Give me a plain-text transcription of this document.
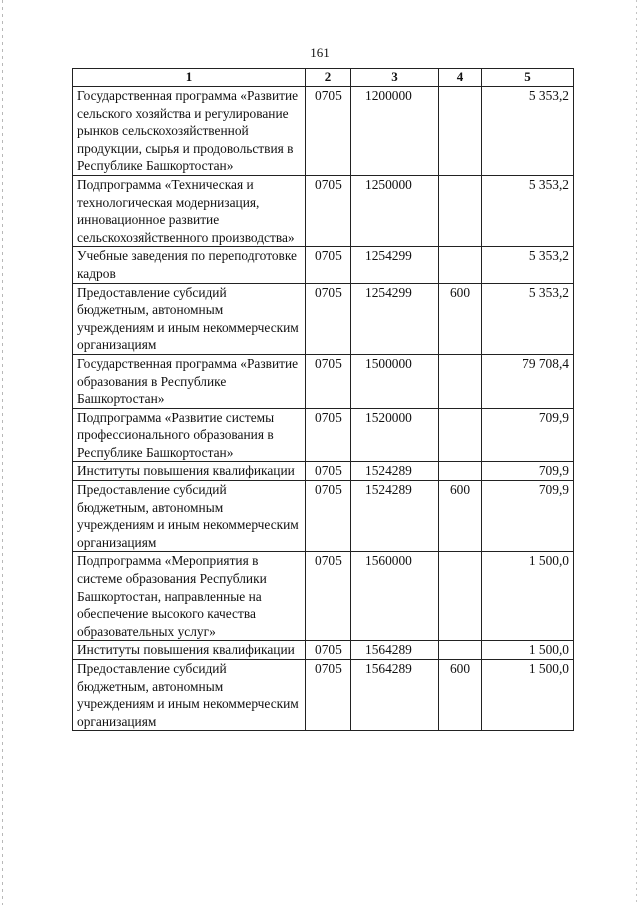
161
1	2	3	4	5
Государственная программа «Развитие сельского хозяйства и регулирование рынков сельскохозяйственной продукции, сырья и продовольствия в Республике Башкортостан»	0705	1200000		5 353,2
Подпрограмма «Техническая и технологическая модернизация, инновационное развитие сельскохозяйственного производства»	0705	1250000		5 353,2
Учебные заведения по переподготовке кадров	0705	1254299		5 353,2
Предоставление субсидий бюджетным, автономным учреждениям и иным некоммерческим организациям	0705	1254299	600	5 353,2
Государственная программа «Развитие образования в Республике Башкортостан»	0705	1500000		79 708,4
Подпрограмма «Развитие системы профессионального образования в Республике Башкортостан»	0705	1520000		709,9
Институты повышения квалификации	0705	1524289		709,9
Предоставление субсидий бюджетным, автономным учреждениям и иным некоммерческим организациям	0705	1524289	600	709,9
Подпрограмма «Мероприятия в системе образования Республики Башкортостан, направленные на обеспечение высокого качества образовательных услуг»	0705	1560000		1 500,0
Институты повышения квалификации	0705	1564289		1 500,0
Предоставление субсидий бюджетным, автономным учреждениям и иным некоммерческим организациям	0705	1564289	600	1 500,0
